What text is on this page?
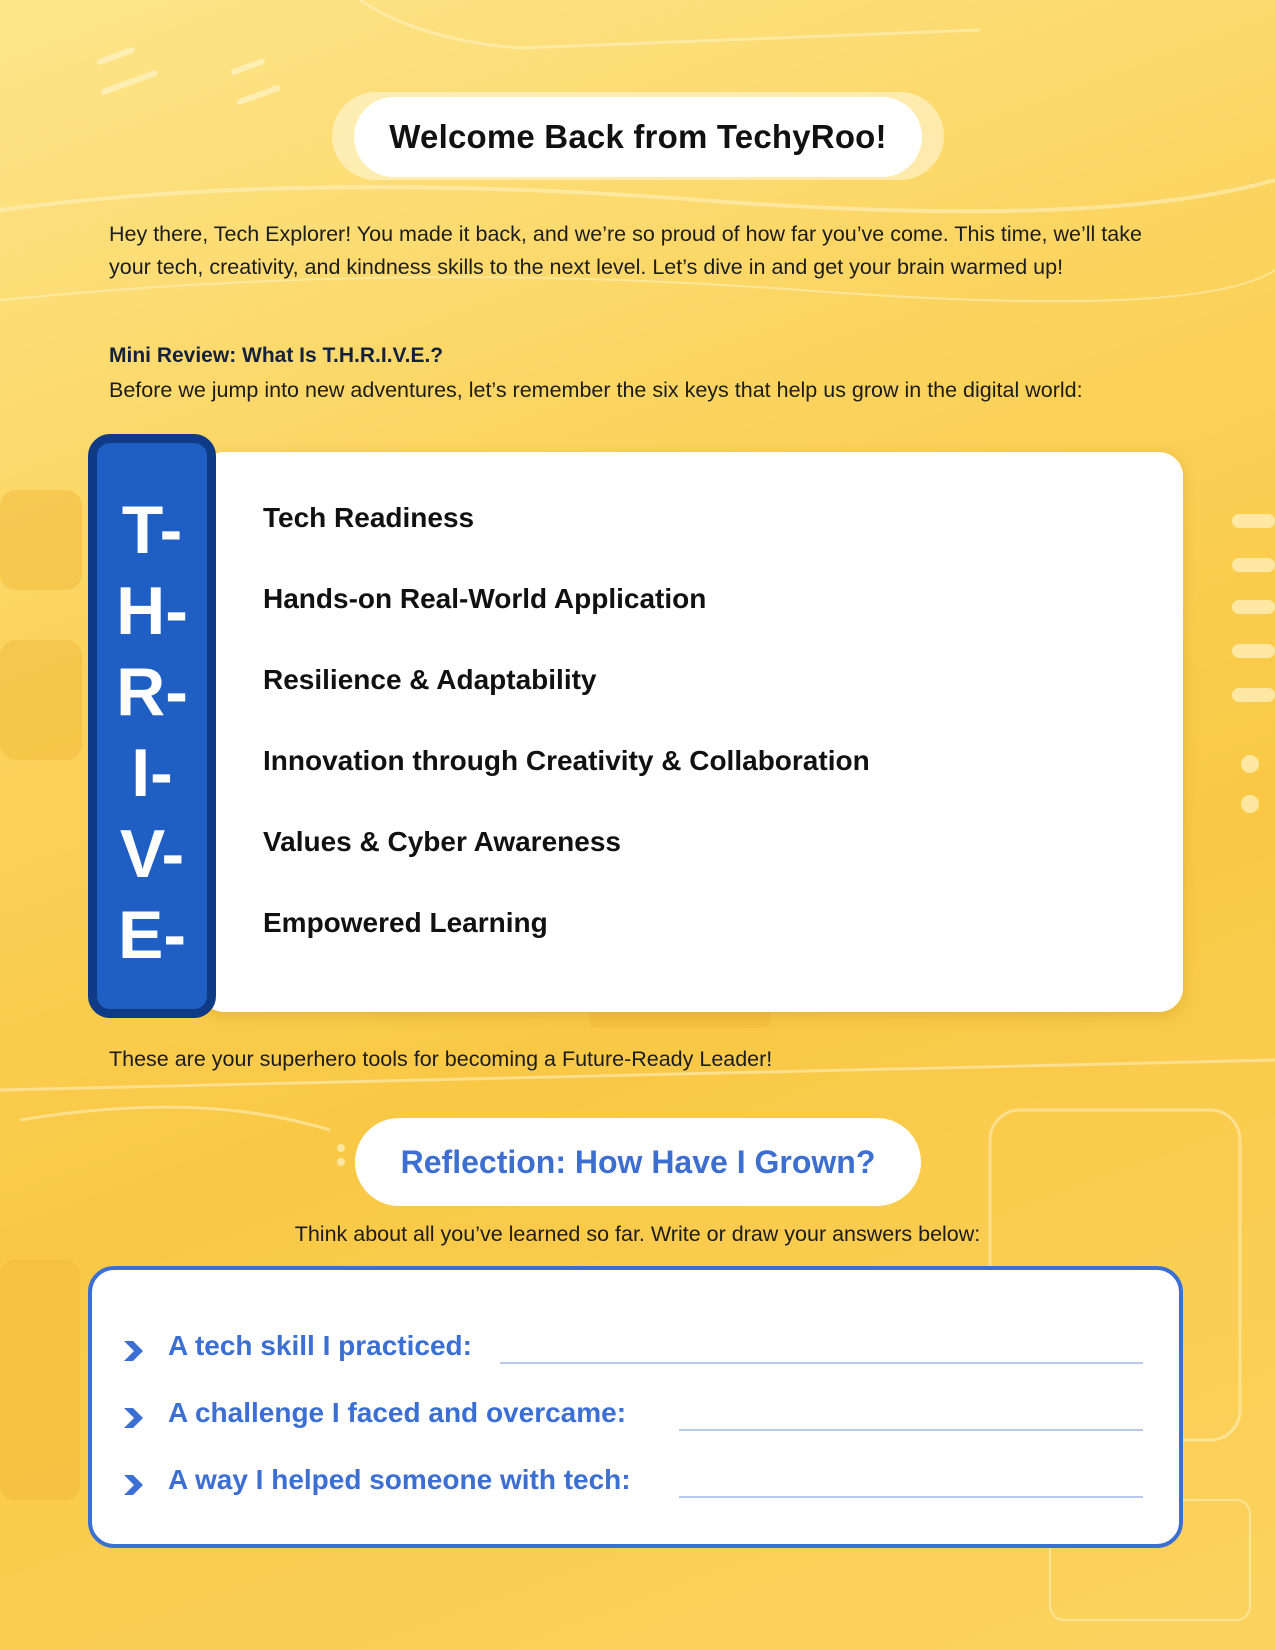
Welcome Back from TechyRoo!

Hey there, Tech Explorer! You made it back, and we’re so proud of how far you’ve come. This time, we’ll take your tech, creativity, and kindness skills to the next level. Let’s dive in and get your brain warmed up!

Mini Review: What Is T.H.R.I.V.E.?

Before we jump into new adventures, let’s remember the six keys that help us grow in the digital world:

T-
H-
R-
I-
V-
E-
Tech Readiness
Hands-on Real-World Application
Resilience & Adaptability
Innovation through Creativity & Collaboration
Values & Cyber Awareness
Empowered Learning

These are your superhero tools for becoming a Future-Ready Leader!

Reflection: How Have I Grown?

Think about all you’ve learned so far. Write or draw your answers below:

A tech skill I practiced:
A challenge I faced and overcame:
A way I helped someone with tech:
